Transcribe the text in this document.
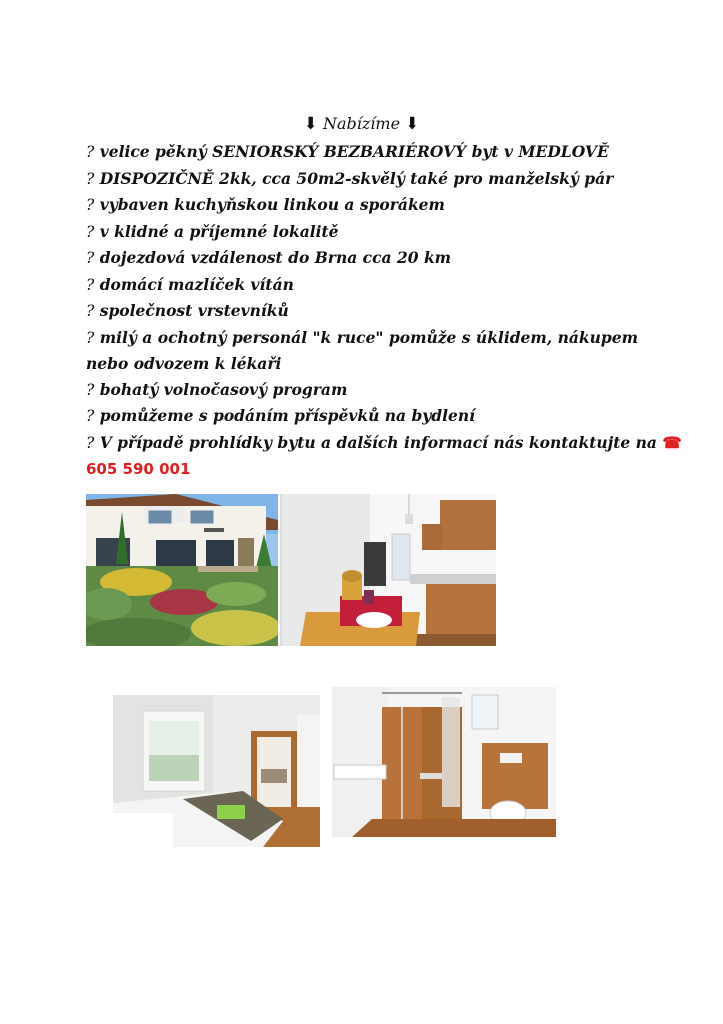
⬇ Nabízíme ⬇
? velice pěkný SENIORSKÝ BEZBARIÉROVÝ byt v MEDLOVĚ
? DISPOZIČNĚ 2kk, cca 50m2-skvělý také pro manželský pár
? vybaven kuchyňskou linkou a sporákem
? v klidné a příjemné lokalitě
? dojezdová vzdálenost do Brna cca 20 km
? domácí mazlíček vítán
? společnost vrstevníků
? milý a ochotný personál "k ruce" pomůže s úklidem, nákupem nebo odvozem k lékaři
? bohatý volnočasový program
? pomůžeme s podáním příspěvků na bydlení
? V případě prohlídky bytu a dalších informací nás kontaktujte na ☎
605 590 001
